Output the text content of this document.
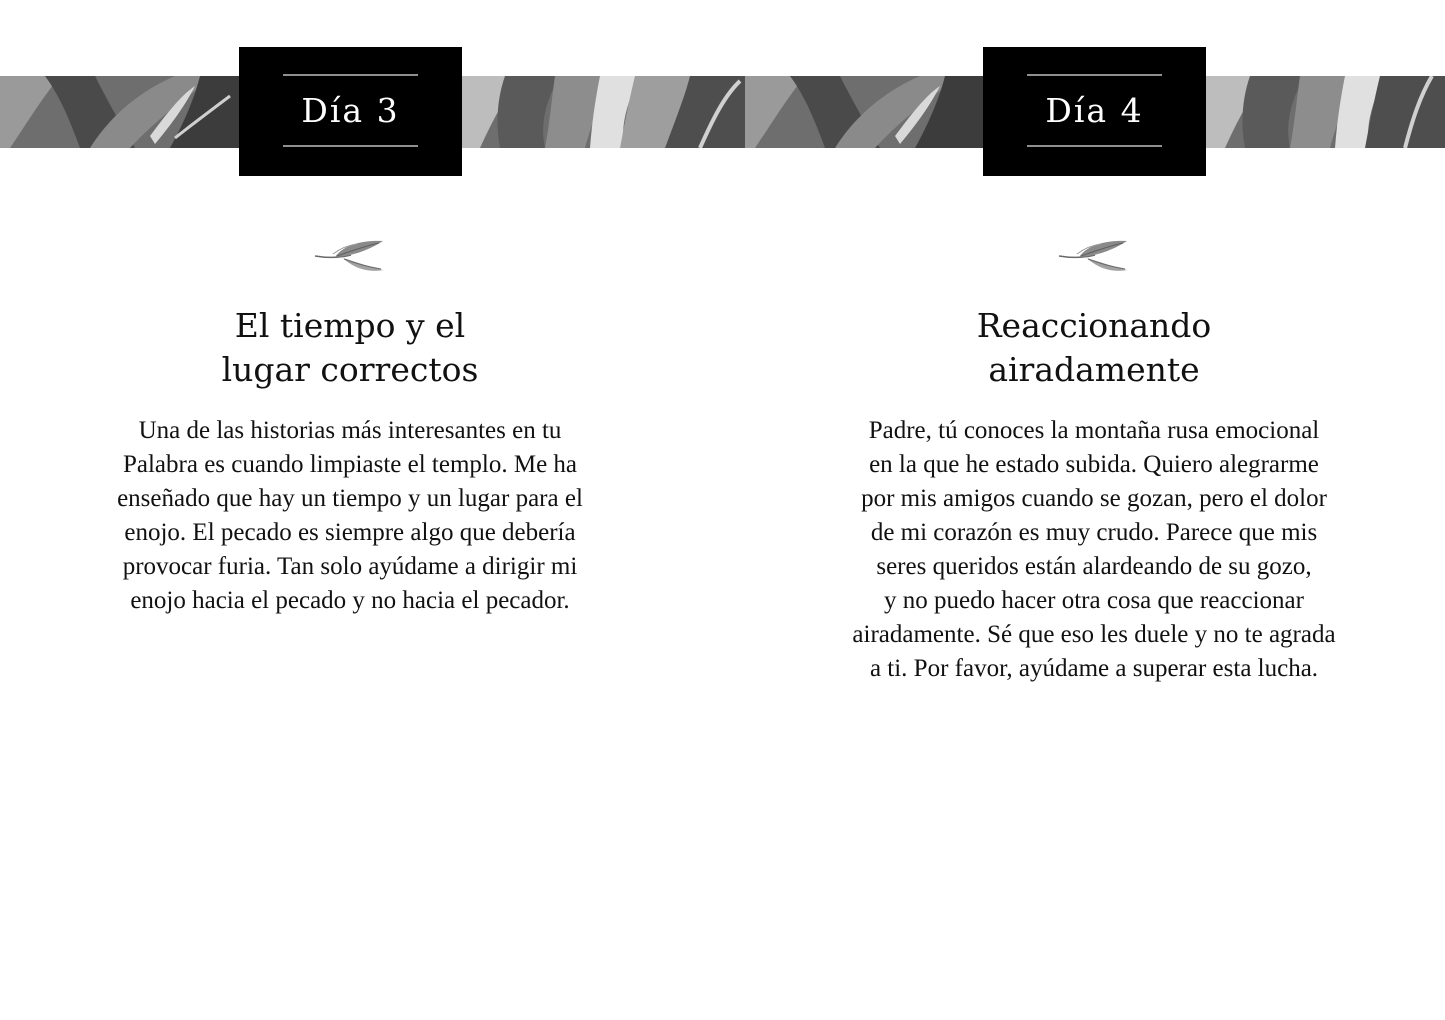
Día 3
El tiempo y el
lugar correctos
Una de las historias más interesantes en tu
Palabra es cuando limpiaste el templo. Me ha
enseñado que hay un tiempo y un lugar para el
enojo. El pecado es siempre algo que debería
provocar furia. Tan solo ayúdame a dirigir mi
enojo hacia el pecado y no hacia el pecador.
Día 4
Reaccionando
airadamente
Padre, tú conoces la montaña rusa emocional
en la que he estado subida. Quiero alegrarme
por mis amigos cuando se gozan, pero el dolor
de mi corazón es muy crudo. Parece que mis
seres queridos están alardeando de su gozo,
y no puedo hacer otra cosa que reaccionar
airadamente. Sé que eso les duele y no te agrada
a ti. Por favor, ayúdame a superar esta lucha.
